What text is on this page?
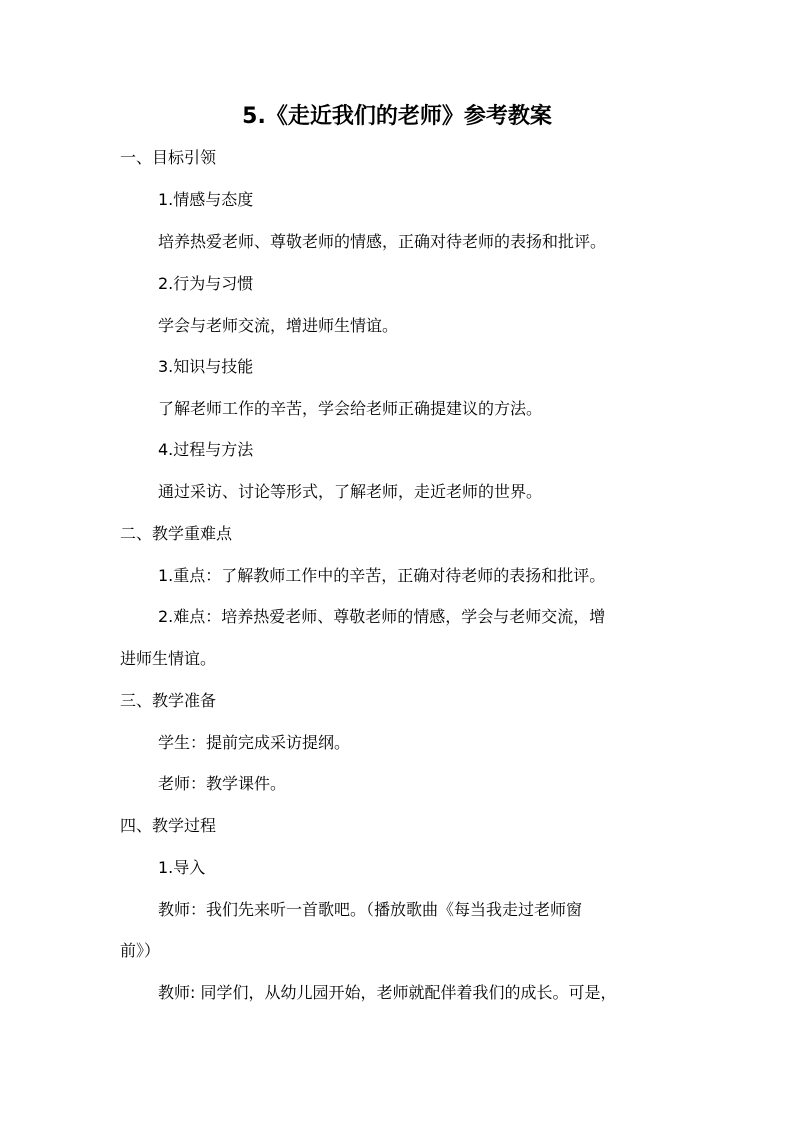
5.《走近我们的老师》参考教案
一、目标引领
1.情感与态度
培养热爱老师、尊敬老师的情感，正确对待老师的表扬和批评。
2.行为与习惯
学会与老师交流，增进师生情谊。
3.知识与技能
了解老师工作的辛苦，学会给老师正确提建议的方法。
4.过程与方法
通过采访、讨论等形式，了解老师，走近老师的世界。
二、教学重难点
1.重点：了解教师工作中的辛苦，正确对待老师的表扬和批评。
2.难点：培养热爱老师、尊敬老师的情感，学会与老师交流，增
进师生情谊。
三、教学准备
学生：提前完成采访提纲。
老师：教学课件。
四、教学过程
1.导入
教师：我们先来听一首歌吧。（播放歌曲《每当我走过老师窗
前》）
教师: 同学们，从幼儿园开始，老师就配伴着我们的成长。可是，
